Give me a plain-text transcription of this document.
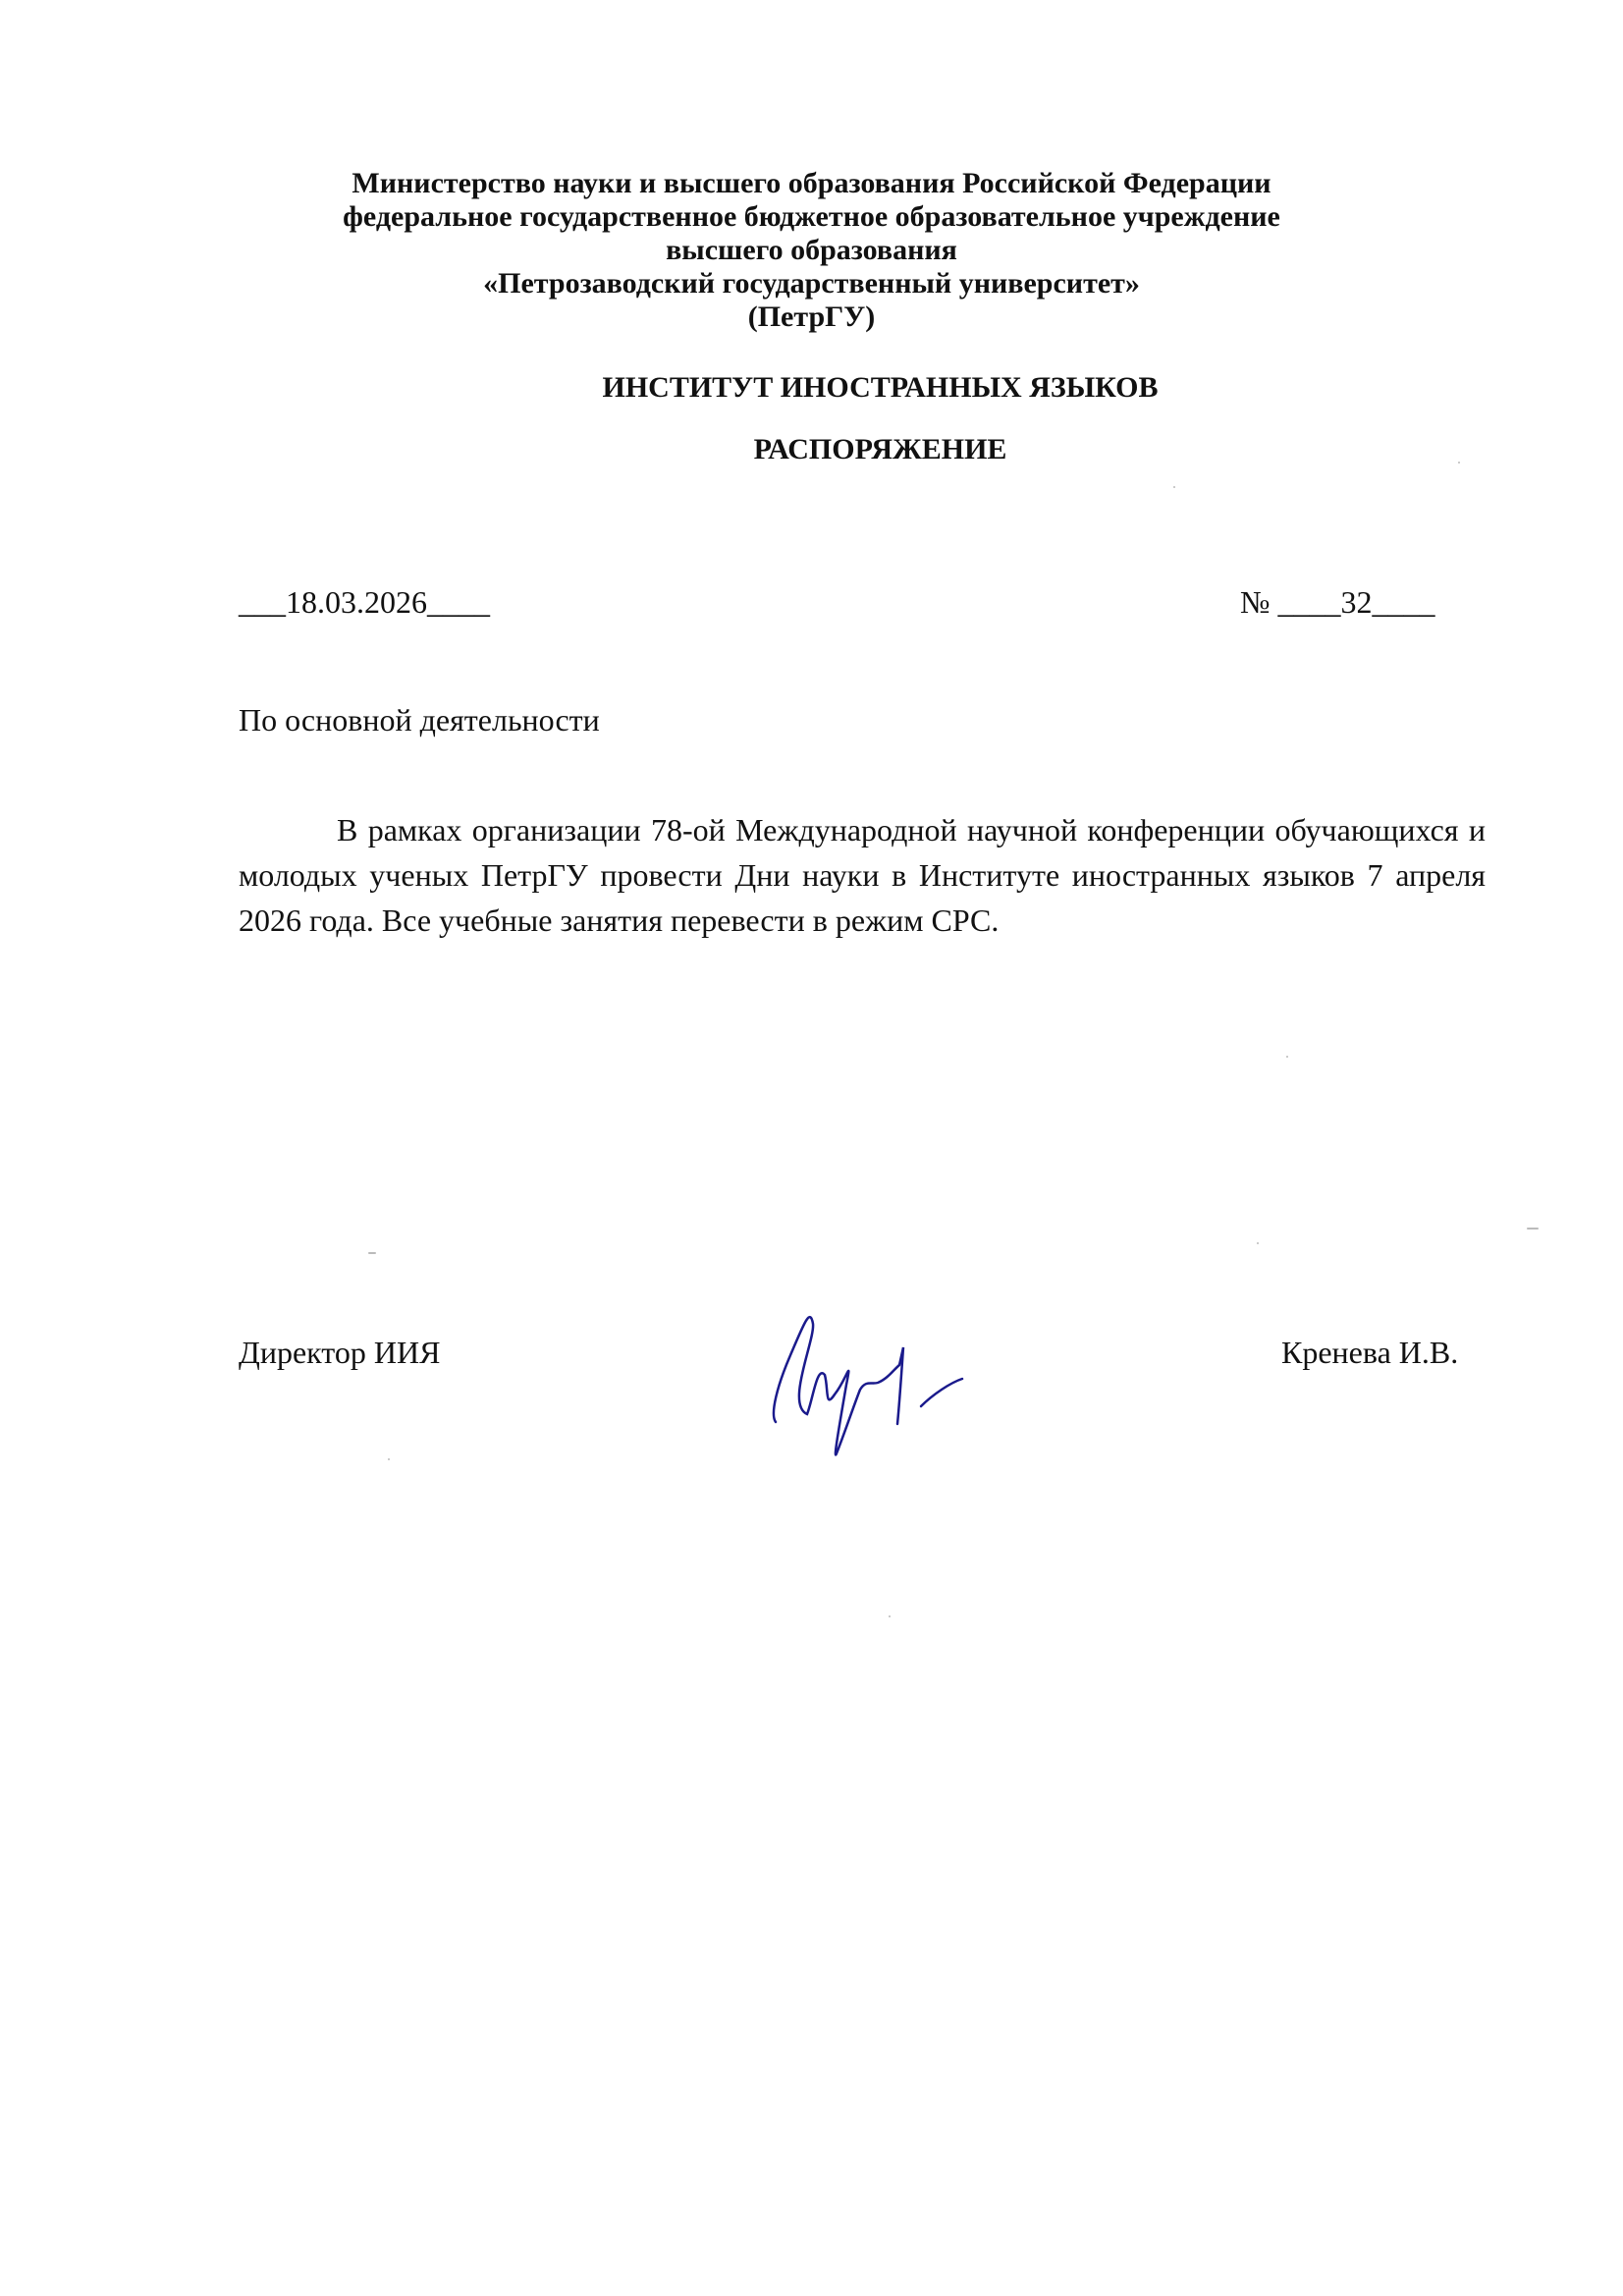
Министерство науки и высшего образования Российской Федерации
федеральное государственное бюджетное образовательное учреждение
высшего образования
«Петрозаводский государственный университет»
(ПетрГУ)
ИНСТИТУТ ИНОСТРАННЫХ ЯЗЫКОВ
РАСПОРЯЖЕНИЕ
___18.03.2026____	№ ____32____
По основной деятельности
В рамках организации 78-ой Международной научной конференции обучающихся и молодых ученых ПетрГУ провести Дни науки в Институте иностранных языков 7 апреля 2026 года. Все учебные занятия перевести в режим СРС.
Директор ИИЯ	Кренева И.В.
